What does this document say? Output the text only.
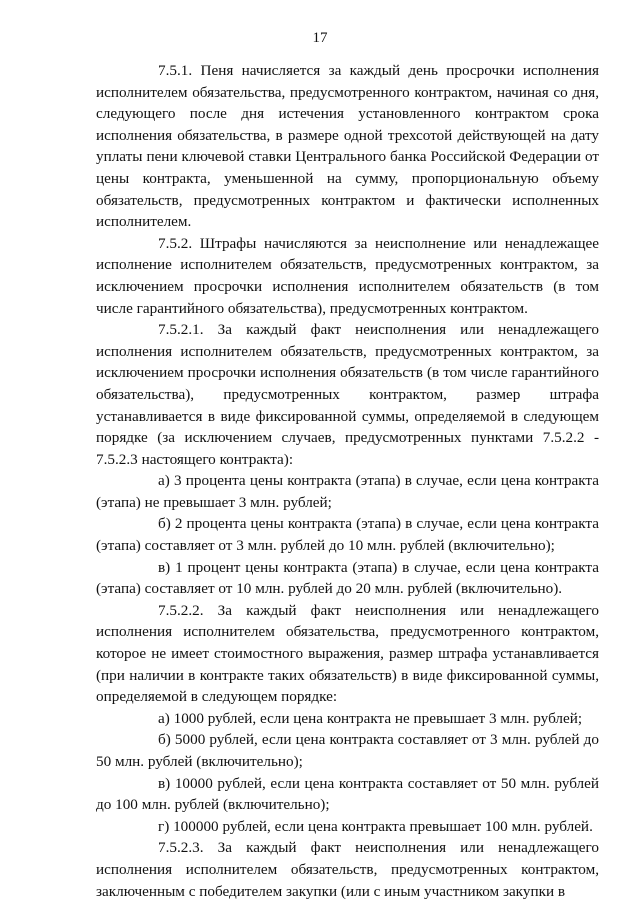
17

7.5.1. Пеня начисляется за каждый день просрочки исполнения исполнителем обязательства, предусмотренного контрактом, начиная со дня, следующего после дня истечения установленного контрактом срока исполнения обязательства, в размере одной трехсотой действующей на дату уплаты пени ключевой ставки Центрального банка Российской Федерации от цены контракта, уменьшенной на сумму, пропорциональную объему обязательств, предусмотренных контрактом и фактически исполненных исполнителем.

7.5.2. Штрафы начисляются за неисполнение или ненадлежащее исполнение исполнителем обязательств, предусмотренных контрактом, за исключением просрочки исполнения исполнителем обязательств (в том числе гарантийного обязательства), предусмотренных контрактом.

7.5.2.1. За каждый факт неисполнения или ненадлежащего исполнения исполнителем обязательств, предусмотренных контрактом, за исключением просрочки исполнения обязательств (в том числе гарантийного обязательства), предусмотренных контрактом, размер штрафа устанавливается в виде фиксированной суммы, определяемой в следующем порядке (за исключением случаев, предусмотренных пунктами 7.5.2.2 - 7.5.2.3 настоящего контракта):

а) 3 процента цены контракта (этапа) в случае, если цена контракта (этапа) не превышает 3 млн. рублей;

б) 2 процента цены контракта (этапа) в случае, если цена контракта (этапа) составляет от 3 млн. рублей до 10 млн. рублей (включительно);

в) 1 процент цены контракта (этапа) в случае, если цена контракта (этапа) составляет от 10 млн. рублей до 20 млн. рублей (включительно).

7.5.2.2. За каждый факт неисполнения или ненадлежащего исполнения исполнителем обязательства, предусмотренного контрактом, которое не имеет стоимостного выражения, размер штрафа устанавливается (при наличии в контракте таких обязательств) в виде фиксированной суммы, определяемой в следующем порядке:

а) 1000 рублей, если цена контракта не превышает 3 млн. рублей;

б) 5000 рублей, если цена контракта составляет от 3 млн. рублей до 50 млн. рублей (включительно);

в) 10000 рублей, если цена контракта составляет от 50 млн. рублей до 100 млн. рублей (включительно);

г) 100000 рублей, если цена контракта превышает 100 млн. рублей.

7.5.2.3. За каждый факт неисполнения или ненадлежащего исполнения исполнителем обязательств, предусмотренных контрактом, заключенным с победителем закупки (или с иным участником закупки в
